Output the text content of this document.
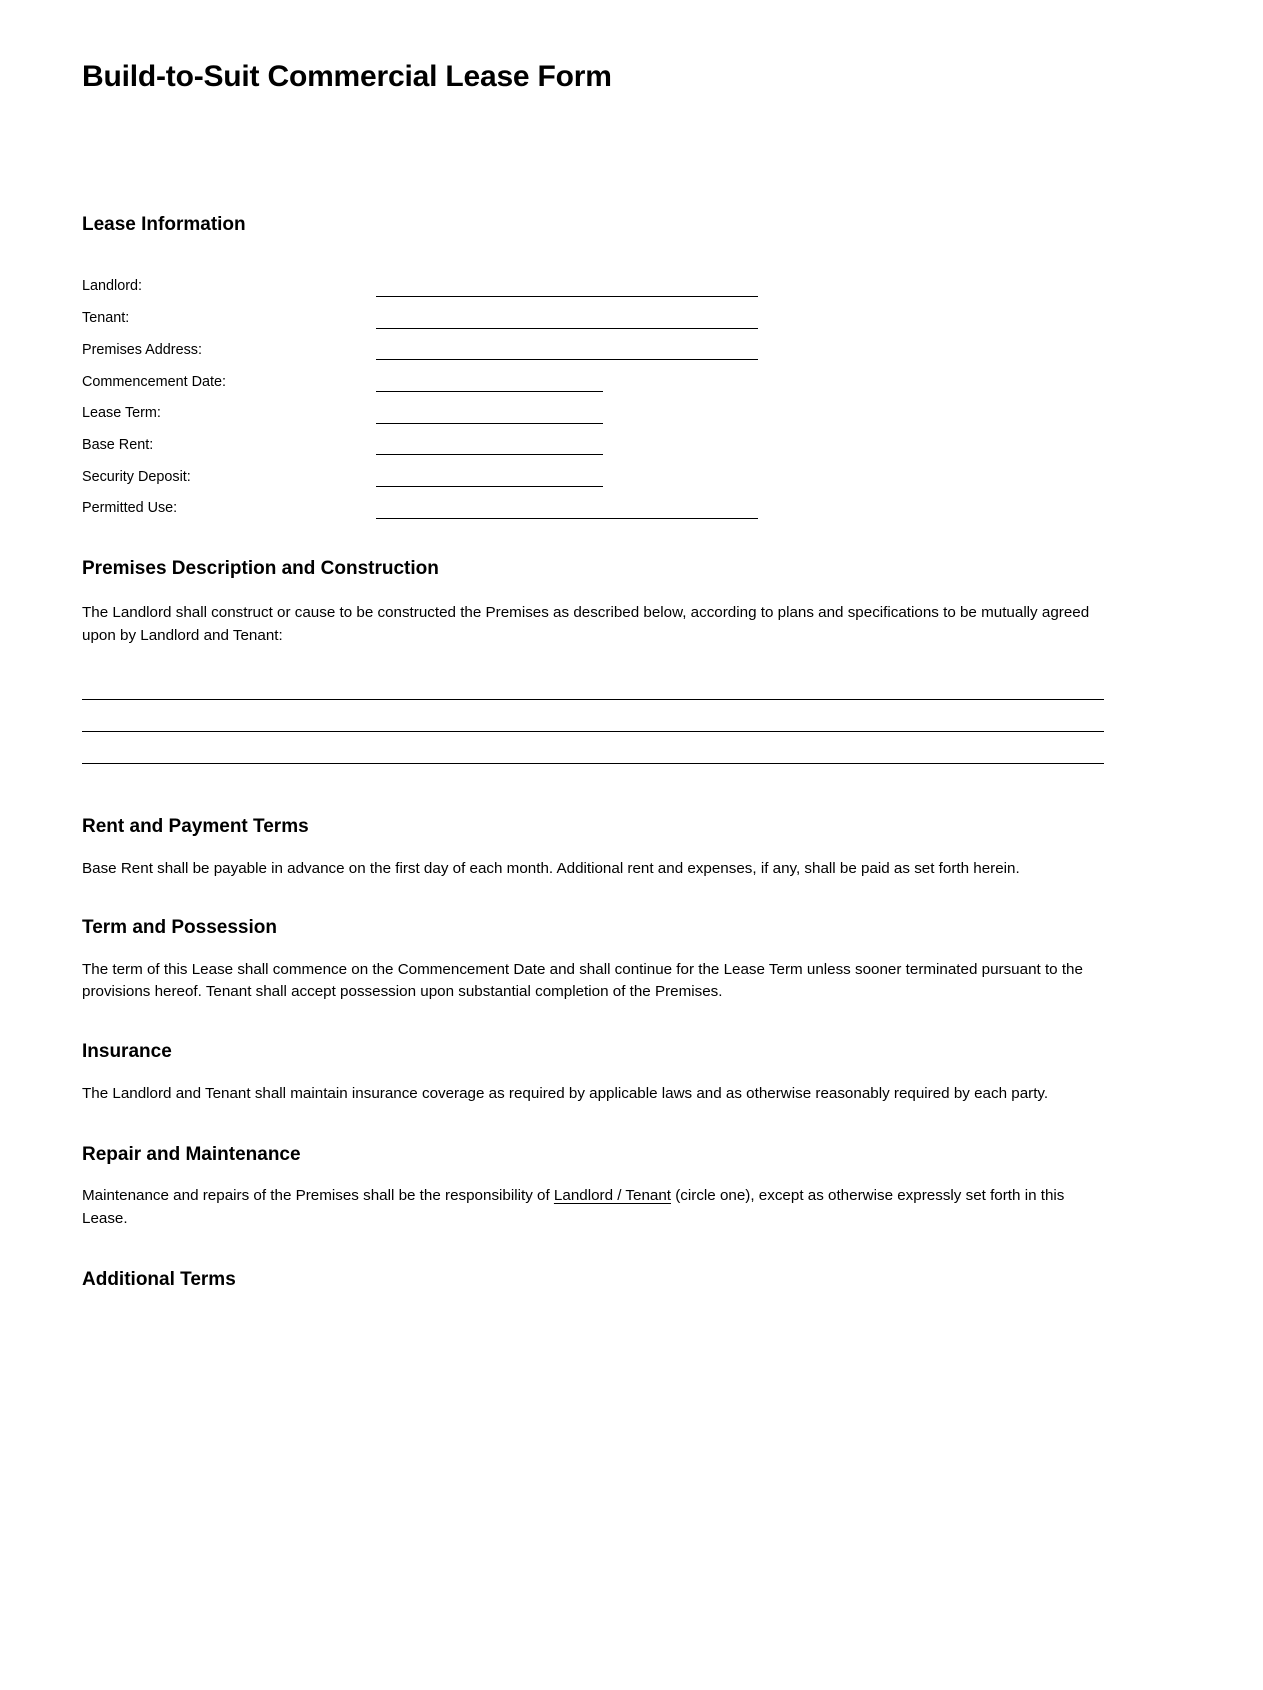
Build-to-Suit Commercial Lease Form
Lease Information
Landlord:
Tenant:
Premises Address:
Commencement Date:
Lease Term:
Base Rent:
Security Deposit:
Permitted Use:
Premises Description and Construction

The Landlord shall construct or cause to be constructed the Premises as described below, according to plans and specifications to be mutually agreed upon by Landlord and Tenant:

Rent and Payment Terms

Base Rent shall be payable in advance on the first day of each month. Additional rent and expenses, if any, shall be paid as set forth herein.

Term and Possession

The term of this Lease shall commence on the Commencement Date and shall continue for the Lease Term unless sooner terminated pursuant to the provisions hereof. Tenant shall accept possession upon substantial completion of the Premises.

Insurance

The Landlord and Tenant shall maintain insurance coverage as required by applicable laws and as otherwise reasonably required by each party.

Repair and Maintenance

Maintenance and repairs of the Premises shall be the responsibility of Landlord / Tenant (circle one), except as otherwise expressly set forth in this Lease.

Additional Terms
